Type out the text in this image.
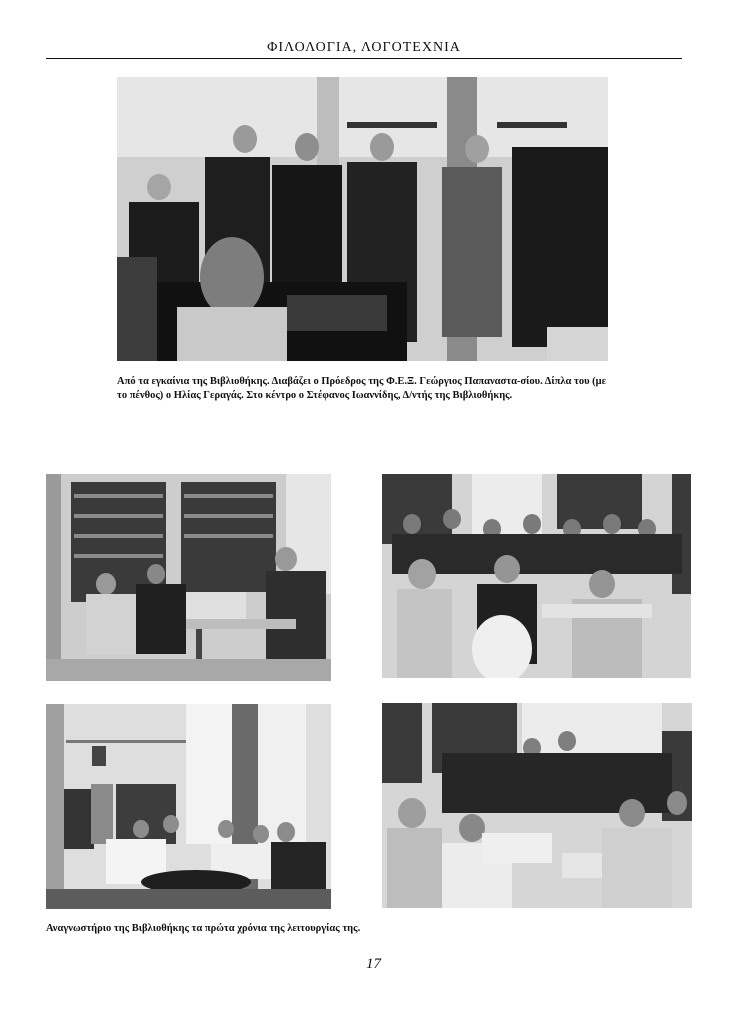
ΦΙΛΟΛΟΓΙΑ, ΛΟΓΟΤΕΧΝΙΑ
Από τα εγκαίνια της Βιβλιοθήκης. Διαβάζει ο Πρόεδρος της Φ.Ε.Ξ. Γεώργιος Παπαναστα-σίου. Δίπλα του (με το πένθος) ο Ηλίας Γεραγάς. Στο κέντρο ο Στέφανος Ιωαννίδης, Δ/ντής της Βιβλιοθήκης.
Αναγνωστήριο της Βιβλιοθήκης τα πρώτα χρόνια της λειτουργίας της.
17
